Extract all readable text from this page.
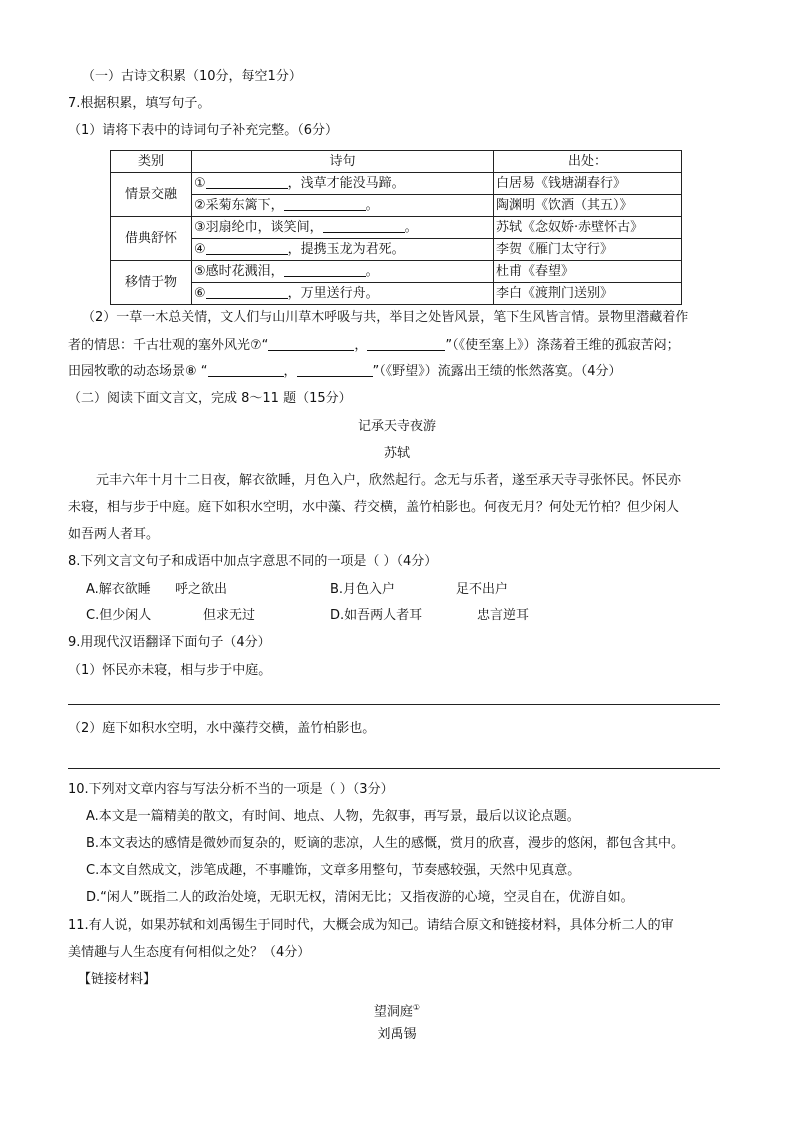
（一）古诗文积累（10分，每空1分）
7.根据积累，填写句子。
（1）请将下表中的诗词句子补充完整。（6分）
类别	诗句	出处：
情景交融	① ，浅草才能没马蹄。	白居易《钱塘湖春行》
	②采菊东篱下， 。	陶渊明《饮酒（其五）》
借典舒怀	③羽扇纶巾，谈笑间， 。	苏轼《念奴娇·赤壁怀古》
	④ ，提携玉龙为君死。	李贺《雁门太守行》
移情于物	⑤感时花溅泪， 。	杜甫《春望》
	⑥ ，万里送行舟。	李白《渡荆门送别》
（2）一草一木总关情，文人们与山川草木呼吸与共，举目之处皆风景，笔下生风皆言情。景物里潜藏着作
者的情思：千古壮观的塞外风光⑦“	，	”（《使至塞上》）涤荡着王维的孤寂苦闷；
田园牧歌的动态场景⑧ “	，	”（《野望》）流露出王绩的怅然落寞。（4分）
（二）阅读下面文言文，完成 8～11 题（15分）
记承天寺夜游
苏轼
元丰六年十月十二日夜，解衣欲睡，月色入户，欣然起行。念无与乐者，遂至承天寺寻张怀民。怀民亦
未寝，相与步于中庭。庭下如积水空明，水中藻、荇交横，盖竹柏影也。何夜无月？何处无竹柏？但少闲人
如吾两人者耳。
8.下列文言文句子和成语中加点字意思不同的一项是（ ）（4分）
A.解衣欲睡 呼之欲出	B.月色入户	足不出户
C.但少闲人	但求无过	D.如吾两人者耳	忠言逆耳
9.用现代汉语翻译下面句子（4分）
（1）怀民亦未寝，相与步于中庭。
（2）庭下如积水空明，水中藻荇交横，盖竹柏影也。
10.下列对文章内容与写法分析不当的一项是（ ）（3分）
A.本文是一篇精美的散文，有时间、地点、人物，先叙事，再写景，最后以议论点题。
B.本文表达的感情是微妙而复杂的，贬谪的悲凉，人生的感慨，赏月的欣喜，漫步的悠闲，都包含其中。
C.本文自然成文，涉笔成趣，不事雕饰，文章多用整句，节奏感较强，天然中见真意。
D.“闲人”既指二人的政治处境，无职无权，清闲无比；又指夜游的心境，空灵自在，优游自如。
11.有人说，如果苏轼和刘禹锡生于同时代，大概会成为知己。请结合原文和链接材料，具体分析二人的审
美情趣与人生态度有何相似之处？（4分）
【链接材料】
望洞庭①
刘禹锡
